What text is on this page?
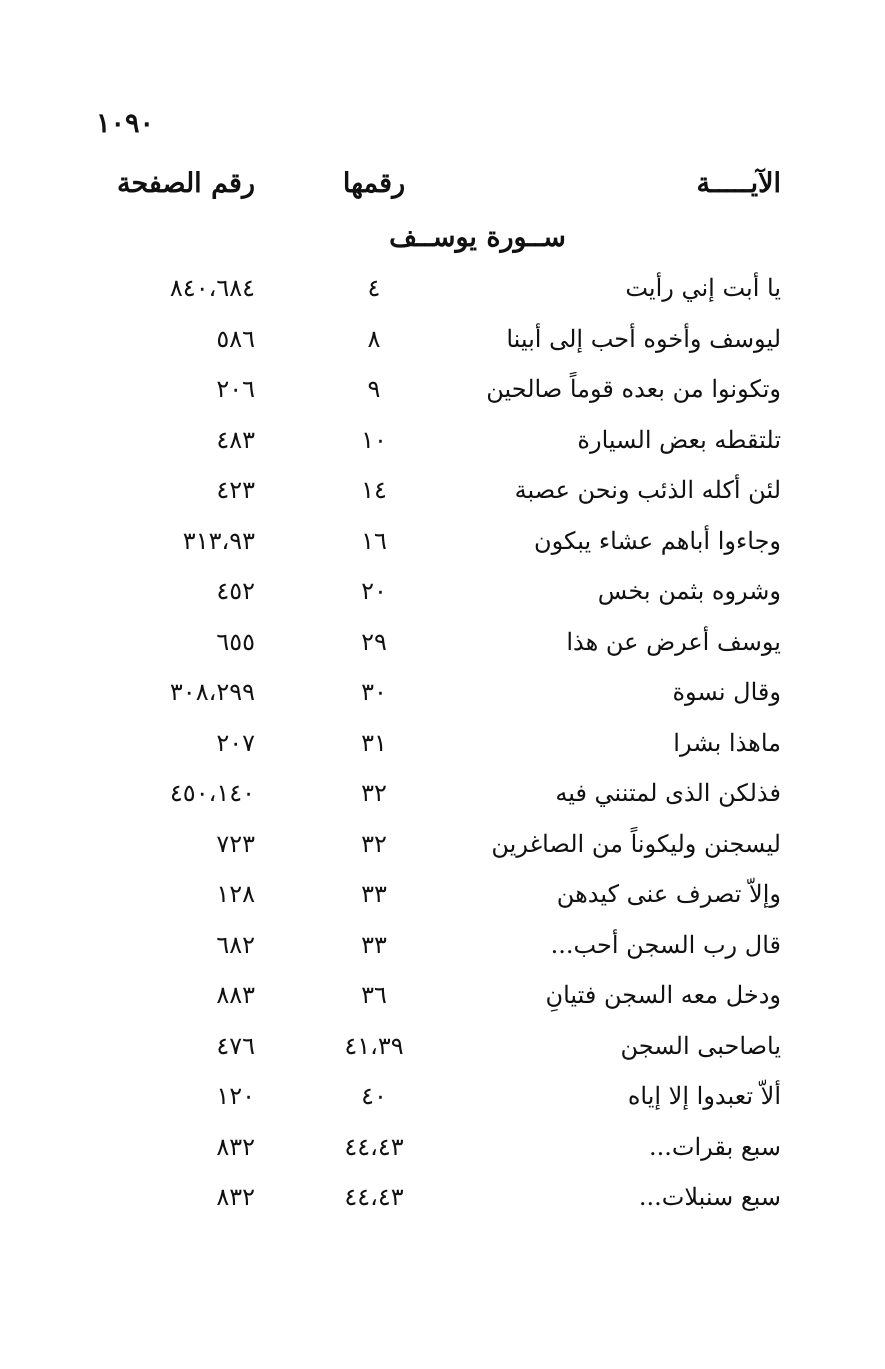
١٠٩٠
الآيـــــة
رقمها
رقم الصفحة
ســورة يوســف
يا أبت إني رأيت
٤
٨٤٠،٦٨٤
ليوسف وأخوه أحب إلى أبينا
٨
٥٨٦
وتكونوا من بعده قوماً صالحين
٩
٢٠٦
تلتقطه بعض السيارة
١٠
٤٨٣
لئن أكله الذئب ونحن عصبة
١٤
٤٢٣
وجاءوا أباهم عشاء يبكون
١٦
٣١٣،٩٣
وشروه بثمن بخس
٢٠
٤٥٢
يوسف أعرض عن هذا
٢٩
٦٥٥
وقال نسوة
٣٠
٣٠٨،٢٩٩
ماهذا بشرا
٣١
٢٠٧
فذلكن الذى لمتنني فيه
٣٢
٤٥٠،١٤٠
ليسجنن وليكوناً من الصاغرين
٣٢
٧٢٣
وإلاّ تصرف عنى كيدهن
٣٣
١٢٨
قال رب السجن أحب...
٣٣
٦٨٢
ودخل معه السجن فتيانِ
٣٦
٨٨٣
ياصاحبى السجن
٤١،٣٩
٤٧٦
ألاّ تعبدوا إلا إياه
٤٠
١٢٠
سبع بقرات...
٤٤،٤٣
٨٣٢
سبع سنبلات...
٤٤،٤٣
٨٣٢
